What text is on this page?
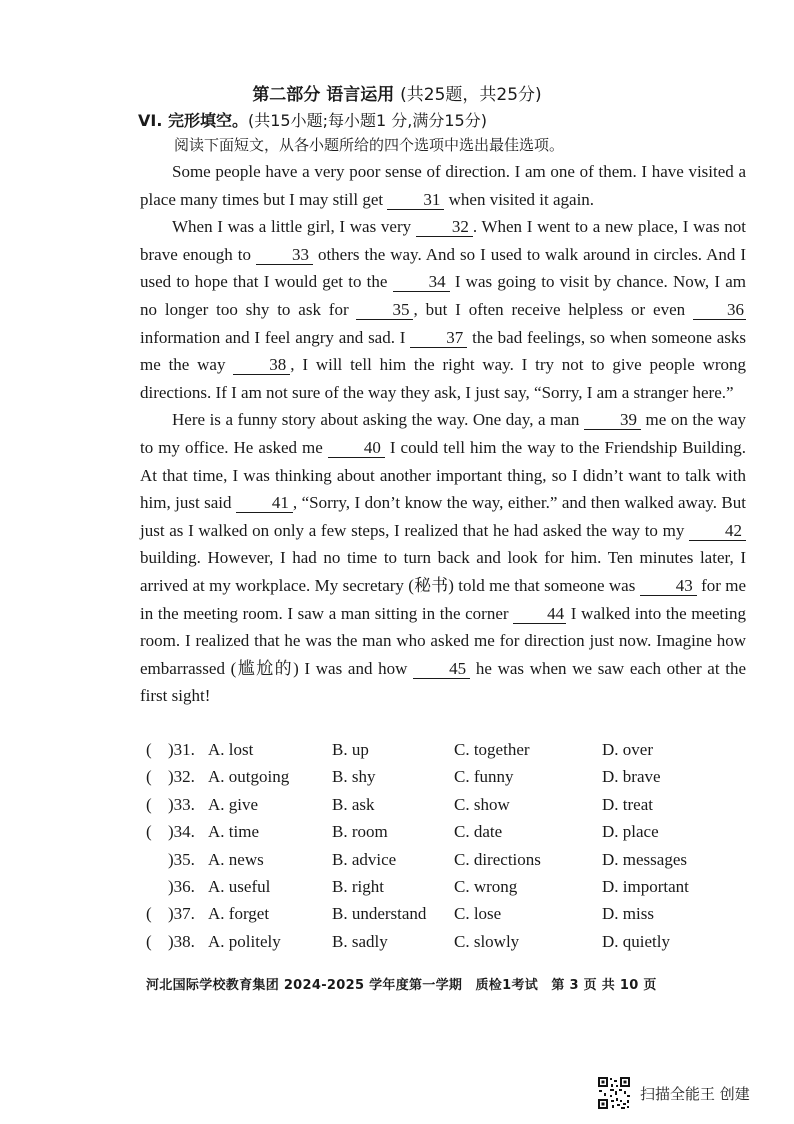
第二部分 语言运用 (共25题，共25分)
VI. 完形填空。(共15小题;每小题1 分,满分15分)
阅读下面短文，从各小题所给的四个选项中选出最佳选项。

Some people have a very poor sense of direction. I am one of them. I have visited a place many times but I may still get 31 when visited it again.

When I was a little girl, I was very 32 . When I went to a new place, I was not brave enough to 33 others the way. And so I used to walk around in circles. And I used to hope that I would get to the 34 I was going to visit by chance. Now, I am no longer too shy to ask for	35 , but I often receive helpless or even 36 information and I feel angry and sad. I 37 the bad feelings, so when someone asks me the way	38 , I will tell him the right way. I try not to give people wrong directions. If I am not sure of the way they ask, I just say, “Sorry, I am a stranger here.”

Here is a funny story about asking the way. One day, a man 39 me on the way to my office. He asked me 40 I could tell him the way to the Friendship Building. At that time, I was thinking about another important thing, so I didn’t want to talk with him, just said 41 , “Sorry, I don’t know the way, either.” and then walked away. But just as I walked on only a few steps, I realized that he had asked the way to my 42 building. However, I had no time to turn back and look for him. Ten minutes later, I arrived at my workplace. My secretary (秘书) told me that someone was 43 for me in the meeting room. I saw a man sitting in the corner 44 I walked into the meeting room. I realized that he was the man who asked me for direction just now. Imagine how embarrassed (尴尬的) I was and how 45 he was when we saw each other at the first sight!

( )31. A. lost	B. up	C. together	D. over
( )32. A. outgoing	B. shy	C. funny	D. brave
( )33. A. give	B. ask	C. show	D. treat
( )34. A. time	B. room	C. date	D. place
)35. A. news	B. advice	C. directions	D. messages
)36. A. useful	B. right	C. wrong	D. important
( )37. A. forget	B. understand C. lose	D. miss
( )38. A. politely	B. sadly	C. slowly	D. quietly
河北国际学校教育集团 2024-2025 学年度第一学期　质检1考试　第 3 页 共 10 页
扫描全能王 创建
